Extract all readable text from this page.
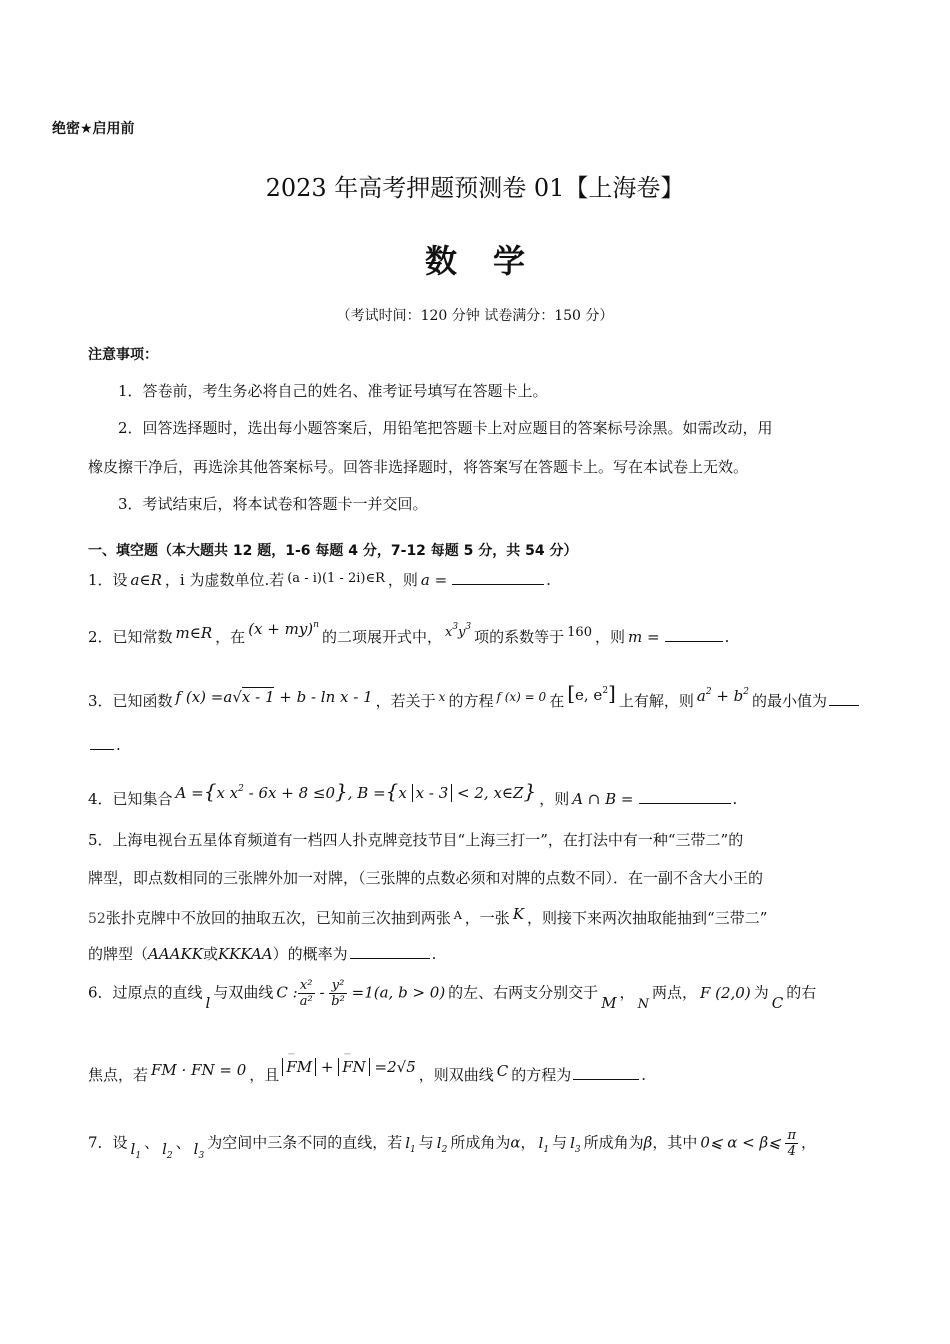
绝密★启用前
2023 年高考押题预测卷 01【上海卷】
数学
（考试时间：120 分钟 试卷满分：150 分）
注意事项：
1．答卷前，考生务必将自己的姓名、准考证号填写在答题卡上。
2．回答选择题时，选出每小题答案后，用铅笔把答题卡上对应题目的答案标号涂黑。如需改动，用
橡皮擦干净后，再选涂其他答案标号。回答非选择题时，将答案写在答题卡上。写在本试卷上无效。
3．考试结束后，将本试卷和答题卡一并交回。
一、填空题（本大题共 12 题，1-6 每题 4 分，7-12 每题 5 分，共 54 分）
1．设 a∈R ，i 为虚数单位.若 (a - i)(1 - 2i)∈R ，则 a =	.
2．已知常数 m∈R ，在 (x + my)$^n$的二项展开式中， $x^3y^3$项的系数等于 160 ，则 m =	.
3．已知函数 f (x) =a√x - 1 + b - ln x - 1 ，若关于 x 的方程 f (x) = 0 在 [e, $e^2$] 上有解，则 $a^2 + b^2$ 的最小值为
.
4．已知集合 A ={x $x^2 - 6x + 8 \le 0$}, B ={x x - 3 < 2, x∈Z} ，则 A ∩ B =	.
5．上海电视台五星体育频道有一档四人扑克牌竞技节目“上海三打一”，在打法中有一种“三带二”的
牌型，即点数相同的三张牌外加一对牌，（三张牌的点数必须和对牌的点数不同）．在一副不含大小王的
52张扑克牌中不放回的抽取五次，已知前三次抽到两张 A ，一张 K ，则接下来两次抽取能抽到“三带二”
的牌型（AAAKK或KKKAA）的概率为	.
6．过原点的直线l与双曲线 C : $\frac{\text{x²}}{\text{a²}} - \frac{\text{y²}}{\text{b²}} =1(a$, b > 0) 的左、右两支分别交于M，N两点， F (2,0) 为C的右
焦点，若 FM · FN = 0 ，且 − FM + − FN =2√5 ，则双曲线 C 的方程为	.
7．设 $l_1$、 $l_2$、 $l_3$为空间中三条不同的直线，若 $l_1$ 与 $l_2$ 所成角为α， $l_1$ 与 $l_3$ 所成角为β，其中 0⩽ α < β⩽ $\frac{\pi}{4}$ ，
